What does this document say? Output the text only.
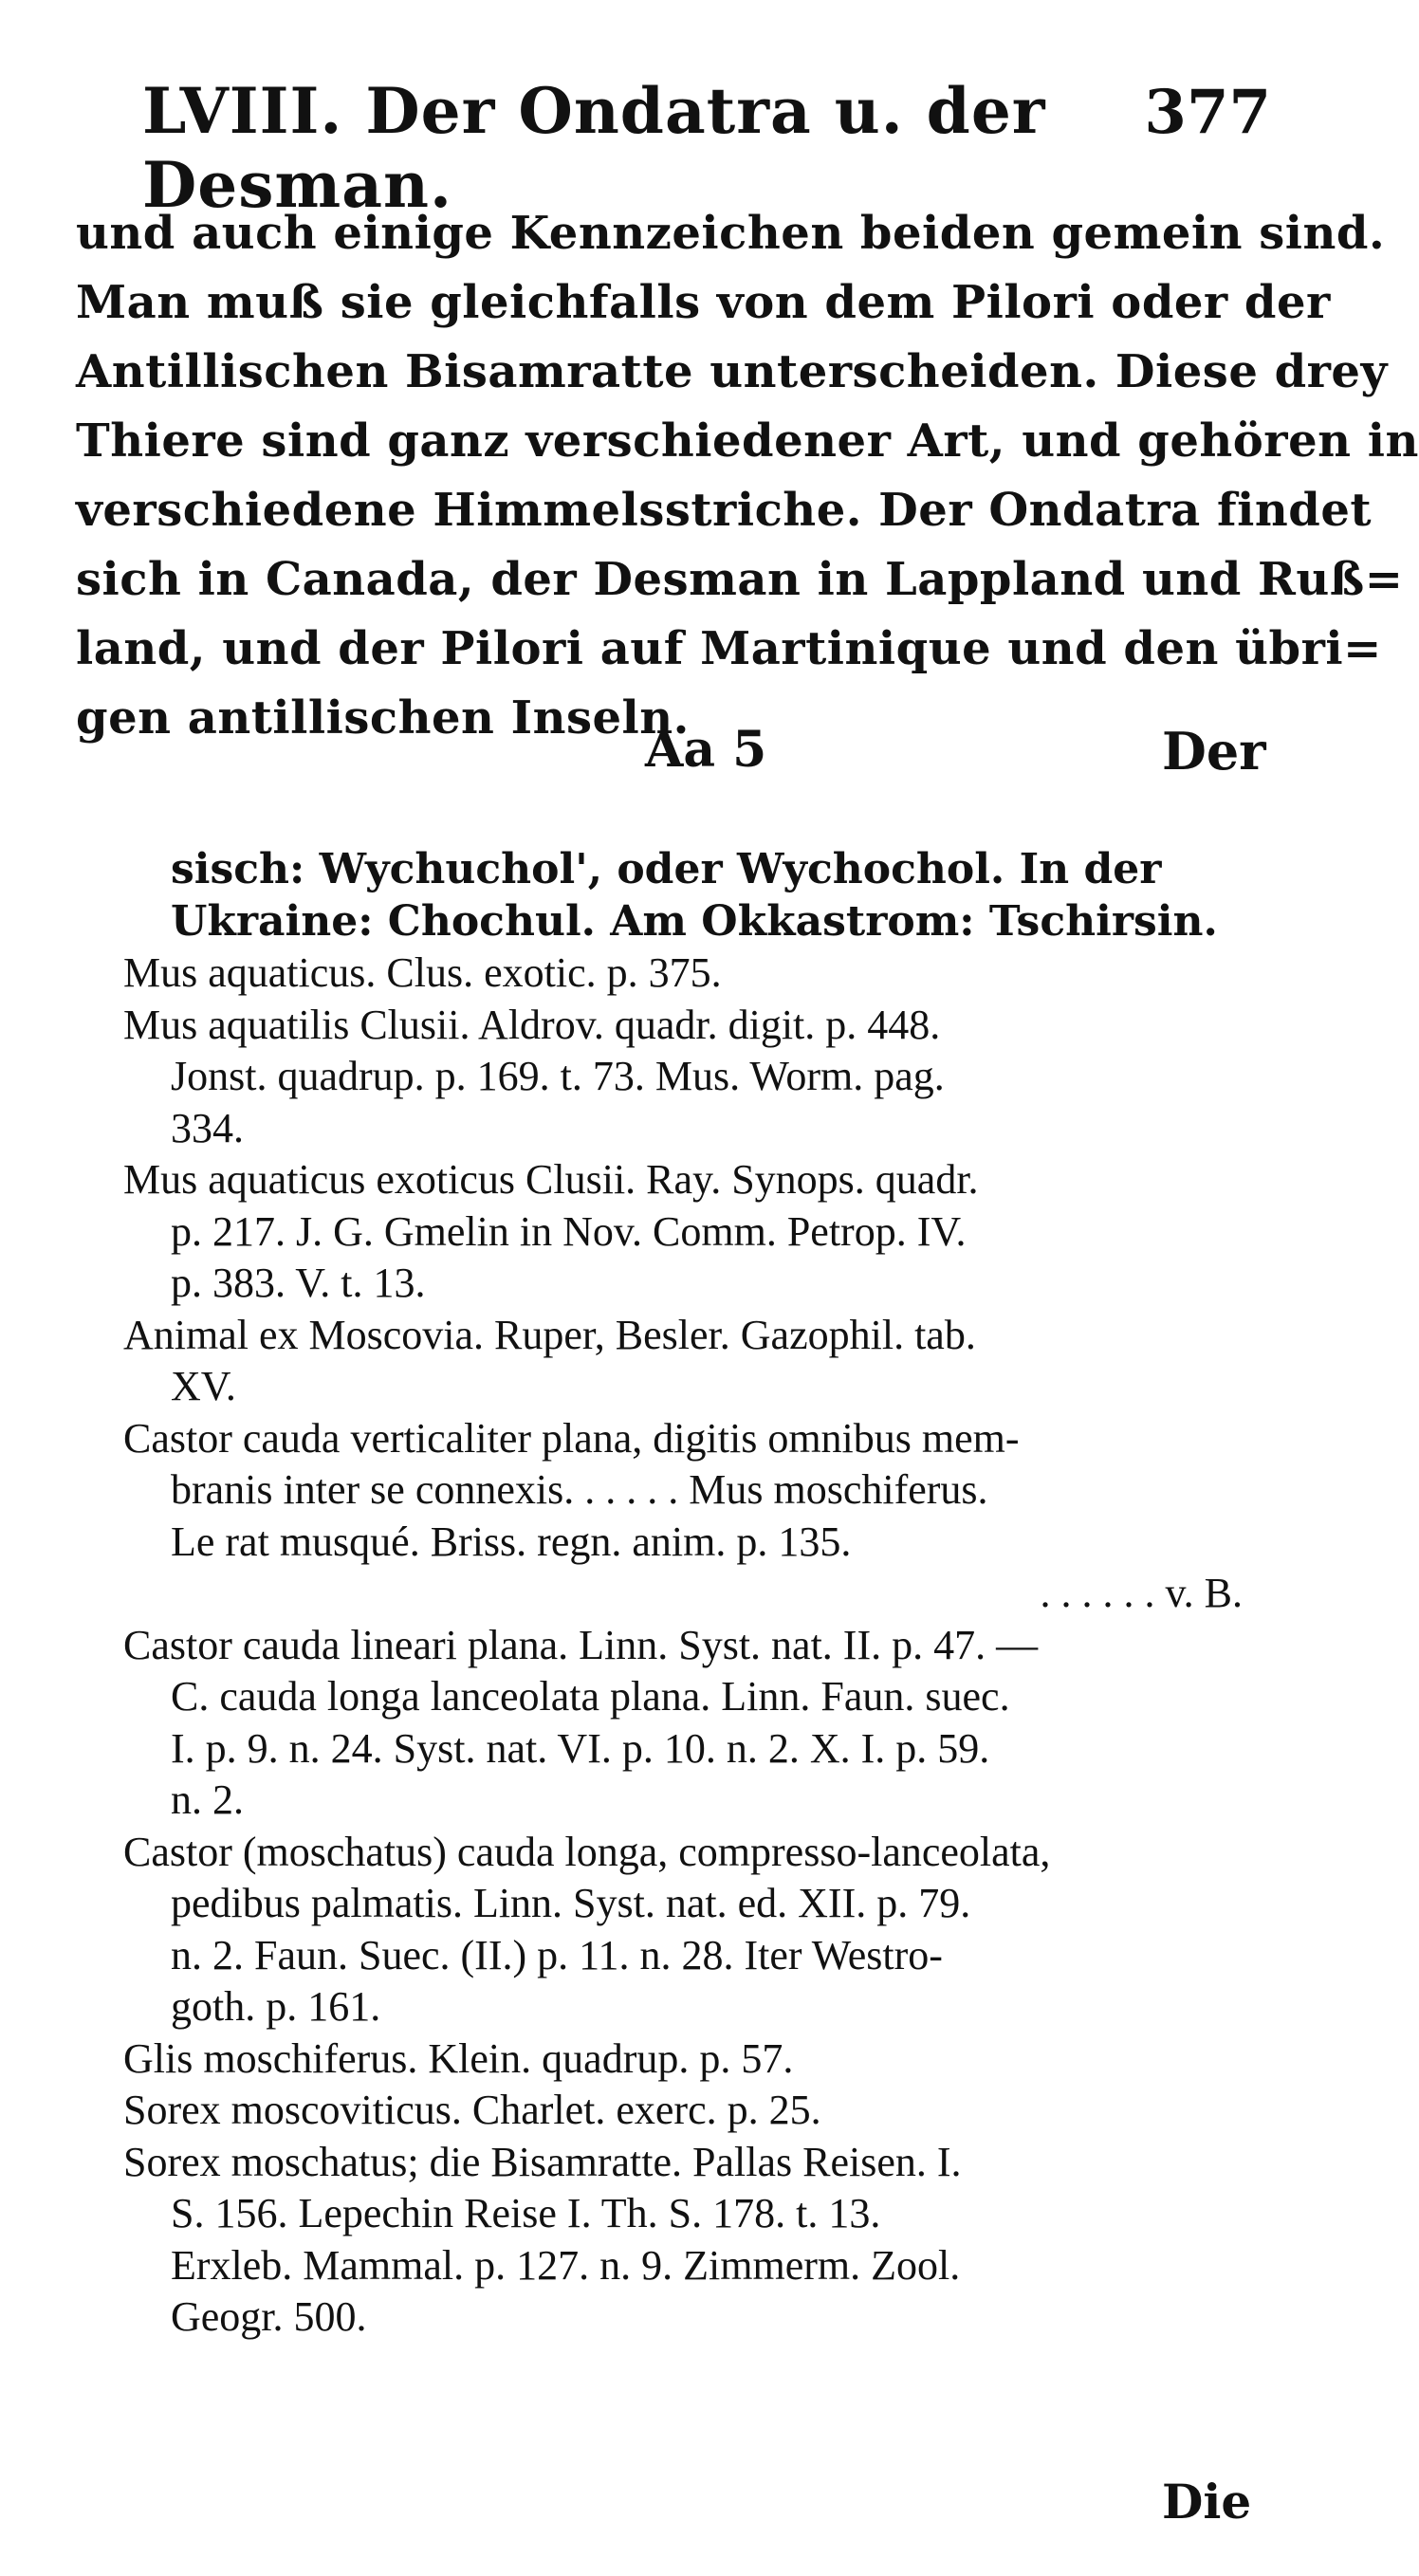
LVIII. Der Ondatra u. der Desman.
377
und auch einige Kennzeichen beiden gemein sind.
Man muß sie gleichfalls von dem Pilori oder der
Antillischen Bisamratte unterscheiden. Diese drey
Thiere sind ganz verschiedener Art, und gehören in
verschiedene Himmelsstriche. Der Ondatra findet
sich in Canada, der Desman in Lappland und Ruß=
land, und der Pilori auf Martinique und den übri=
gen antillischen Inseln.
Aa 5	Der
sisch: Wychuchol', oder Wychochol. In der
Ukraine: Chochul. Am Okkastrom: Tschirsin.
Mus aquaticus. Clus. exotic. p. 375.
Mus aquatilis Clusii. Aldrov. quadr. digit. p. 448.
Jonst. quadrup. p. 169. t. 73. Mus. Worm. pag.
334.
Mus aquaticus exoticus Clusii. Ray. Synops. quadr.
p. 217. J. G. Gmelin in Nov. Comm. Petrop. IV.
p. 383. V. t. 13.
Animal ex Moscovia. Ruper, Besler. Gazophil. tab.
XV.
Castor cauda verticaliter plana, digitis omnibus mem-
branis inter se connexis. . . . . . Mus moschiferus.
Le rat musqué. Briss. regn. anim. p. 135.
. . . . . . v. B.
Castor cauda lineari plana. Linn. Syst. nat. II. p. 47. —
C. cauda longa lanceolata plana. Linn. Faun. suec.
I. p. 9. n. 24. Syst. nat. VI. p. 10. n. 2. X. I. p. 59.
n. 2.
Castor (moschatus) cauda longa, compresso-lanceolata,
pedibus palmatis. Linn. Syst. nat. ed. XII. p. 79.
n. 2. Faun. Suec. (II.) p. 11. n. 28. Iter Westro-
goth. p. 161.
Glis moschiferus. Klein. quadrup. p. 57.
Sorex moscoviticus. Charlet. exerc. p. 25.
Sorex moschatus; die Bisamratte. Pallas Reisen. I.
S. 156. Lepechin Reise I. Th. S. 178. t. 13.
Erxleb. Mammal. p. 127. n. 9. Zimmerm. Zool.
Geogr. 500.
Die
